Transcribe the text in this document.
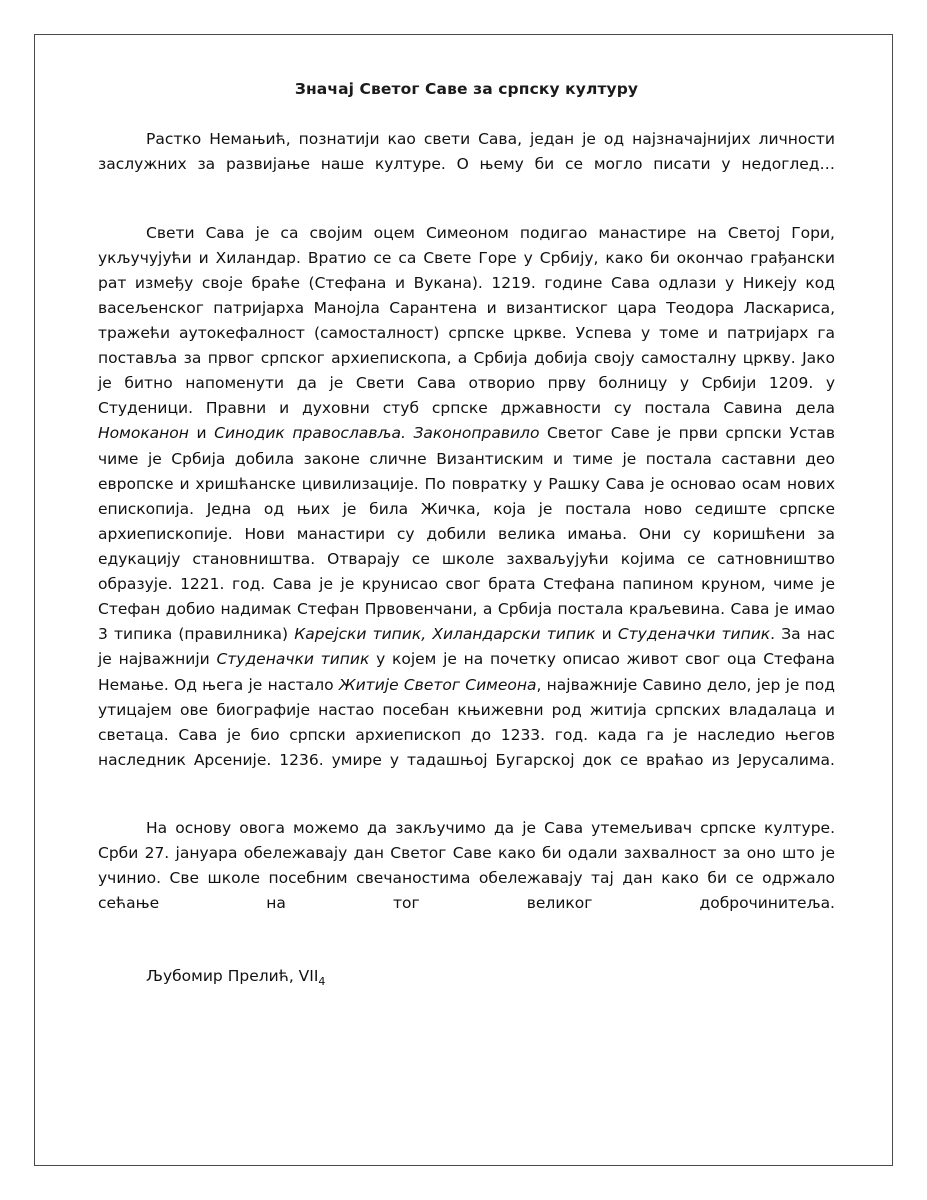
Значај Светог Саве за српску културу

Растко Немањић, познатији као свети Сава, један је од најзначајнијих личности заслужних за развијање наше културе. О њему би се могло писати у недоглед…

Свети Сава је са својим оцем Симеоном подигао манастире на Светој Гори, укључујући и Хиландар. Вратио се са Свете Горе у Србију, како би окончао грађански рат између своје браће (Стефана и Вукана). 1219. године Сава одлази у Никеју код васељенског патријарха Манојла Сарантена и византиског цара Теодора Ласкариса, тражећи аутокефалност (самосталност) српске цркве. Успева у томе и патријарх га поставља за првог српског архиепископа, а Србија добија своју самосталну цркву. Јако је битно напоменути да је Свети Сава отворио прву болницу у Србији 1209. у Студеници. Правни и духовни стуб српске државности су постала Савина дела Номоканон и Синодик православља. Законоправило Светог Саве је први српски Устав чиме је Србија добила законе сличне Византиским и тиме је постала саставни део европске и хришћанске цивилизације. По повратку у Рашку Сава је основао осам нових епископија. Једна од њих је била Жичка, која је постала ново седиште српске архиепископије. Нови манастири су добили велика имања. Они су коришћени за едукацију становништва. Отварају се школе захваљујући којима се сатновништво образује. 1221. год. Сава је је крунисао свог брата Стефана папином круном, чиме је Стефан добио надимак Стефан Првовенчани, а Србија постала краљевина. Сава је имао 3 типика (правилника) Карејски типик, Хиландарски типик и Студеначки типик. За нас је најважнији Студеначки типик у којем је на почетку описао живот свог оца Стефана Немање. Од њега је настало Житије Светог Симеона, најважније Савино дело, јер је под утицајем ове биографије настао посебан књижевни род житија српских владалаца и светаца. Сава је био српски архиепископ до 1233. год. када га је наследио његов наследник Арсеније. 1236. умире у тадашњој Бугарској док се враћао из Јерусалима.

На основу овога можемо да закључимо да је Сава утемељивач српске културе. Срби 27. јануара обележавају дан Светог Саве како би одали захвалност за оно што је учинио. Све школе посебним свечаностима обележавају тај дан како би се одржало сећање на тог великог доброчинитеља.

Љубомир Прелић, $VII_4$
